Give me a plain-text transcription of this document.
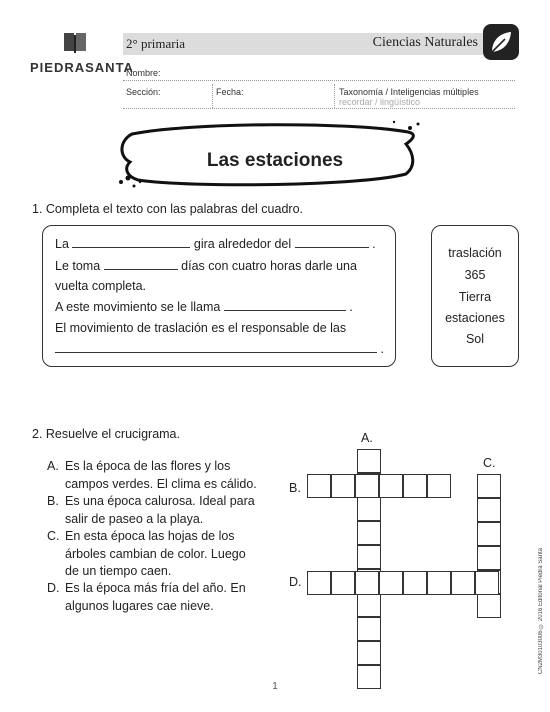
PIEDRASANTA
2° primaria	Ciencias Naturales
Nombre:
Sección:	Fecha:	Taxonomía / Inteligencias múltiples
recordar / lingüístico
Las estaciones
1. Completa el texto con las palabras del cuadro.
La	gira alrededor del	.
Le toma	días con cuatro horas darle una
vuelta completa.
A este movimiento se le llama	.
El movimiento de traslación es el responsable de las
.
traslación
365
Tierra
estaciones
Sol
2. Resuelve el crucigrama.
A. Es la época de las flores y los
campos verdes. El clima es cálido.
B. Es una época calurosa. Ideal para
salir de paseo a la playa.
C. En esta época las hojas de los
árboles cambian de color. Luego
de un tiempo caen.
D. Es la época más fría del año. En
algunos lugares cae nieve.
A.
C.
B.
D.	CN2M30103006 © 2016 Editorial Piedra Santa
1
